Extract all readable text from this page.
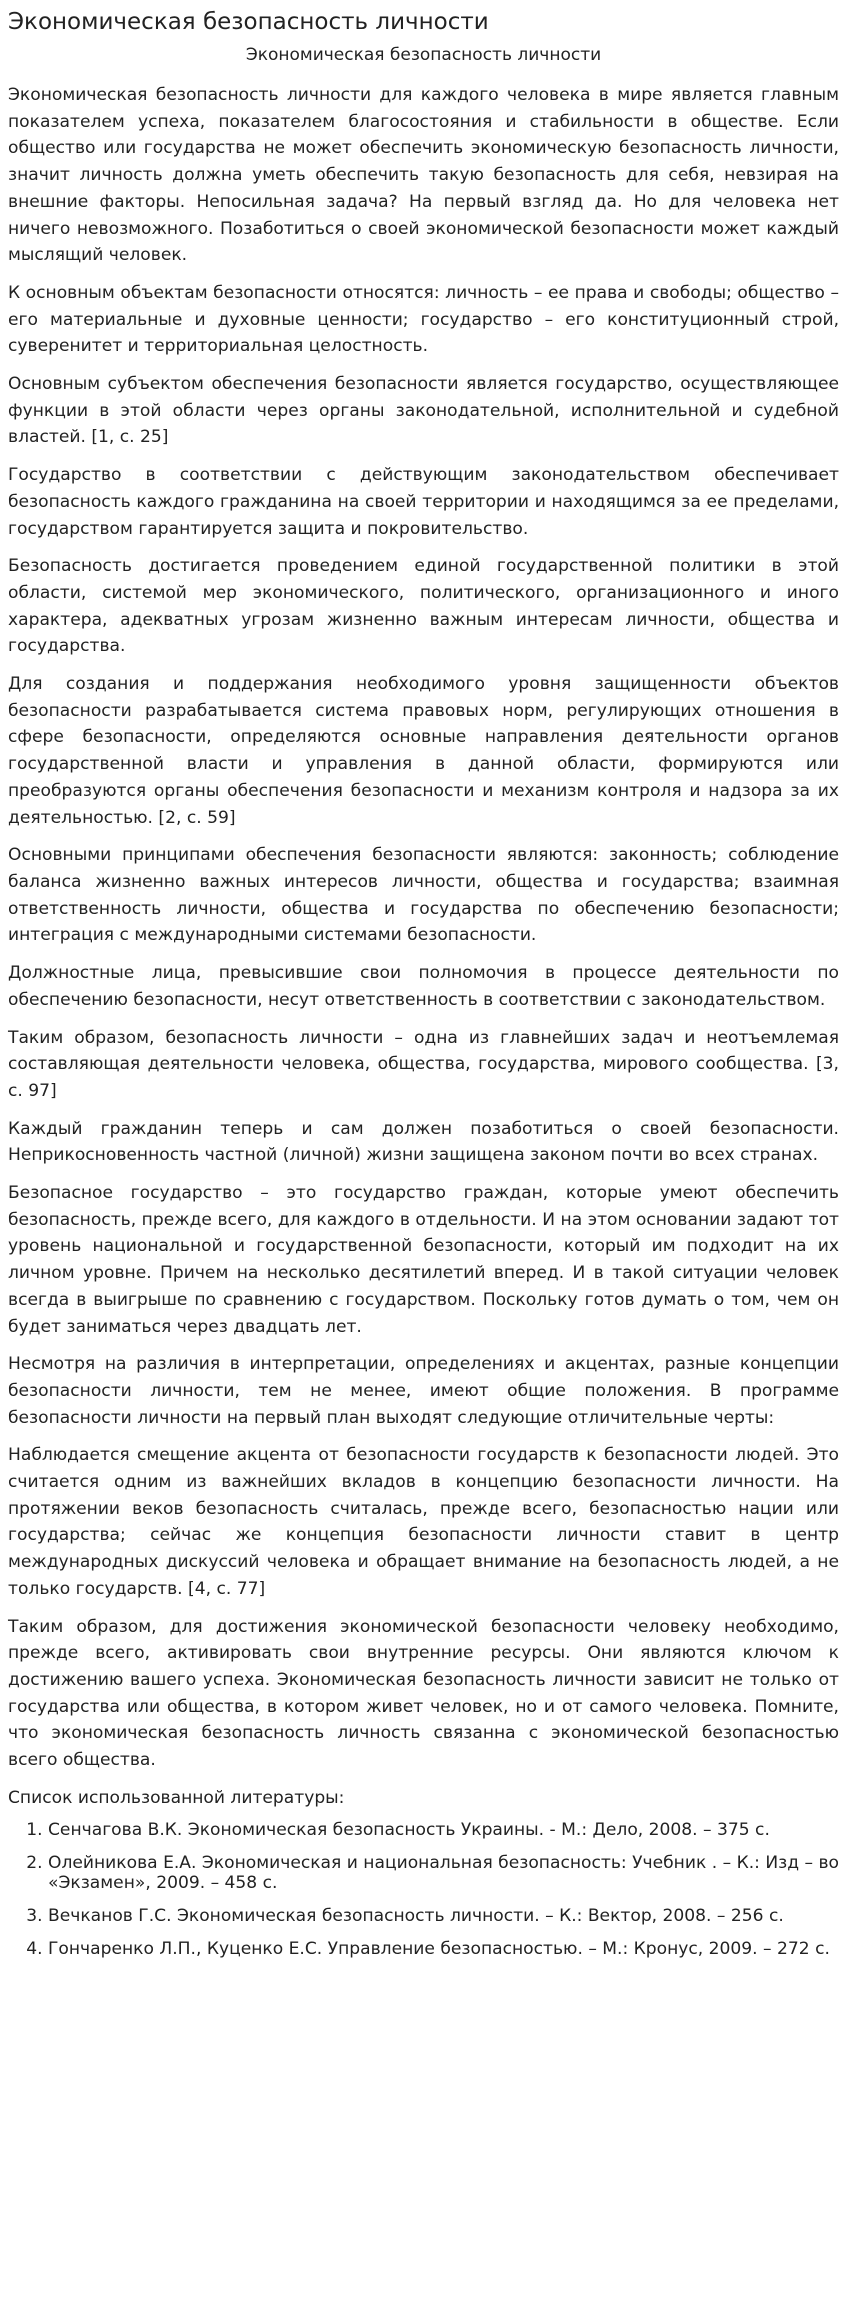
Экономическая безопасность личности
Экономическая безопасность личности

Экономическая безопасность личности для каждого человека в мире является главным показателем успеха, показателем благосостояния и стабильности в обществе. Если общество или государства не может обеспечить экономическую безопасность личности, значит личность должна уметь обеспечить такую безопасность для себя, невзирая на внешние факторы. Непосильная задача? На первый взгляд да. Но для человека нет ничего невозможного. Позаботиться о своей экономической безопасности может каждый мыслящий человек.

К основным объектам безопасности относятся: личность – ее права и свободы; общество – его материальные и духовные ценности; государство – его конституционный строй, суверенитет и территориальная целостность.

Основным субъектом обеспечения безопасности является государство, осуществляющее функции в этой области через органы законодательной, исполнительной и судебной властей. [1, с. 25]

Государство в соответствии с действующим законодательством обеспечивает безопасность каждого гражданина на своей территории и находящимся за ее пределами, государством гарантируется защита и покровительство.

Безопасность достигается проведением единой государственной политики в этой области, системой мер экономического, политического, организационного и иного характера, адекватных угрозам жизненно важным интересам личности, общества и государства.

Для создания и поддержания необходимого уровня защищенности объектов безопасности разрабатывается система правовых норм, регулирующих отношения в сфере безопасности, определяются основные направления деятельности органов государственной власти и управления в данной области, формируются или преобразуются органы обеспечения безопасности и механизм контроля и надзора за их деятельностью. [2, с. 59]

Основными принципами обеспечения безопасности являются: законность; соблюдение баланса жизненно важных интересов личности, общества и государства; взаимная ответственность личности, общества и государства по обеспечению безопасности; интеграция с международными системами безопасности.

Должностные лица, превысившие свои полномочия в процессе деятельности по обеспечению безопасности, несут ответственность в соответствии с законодательством.

Таким образом, безопасность личности – одна из главнейших задач и неотъемлемая составляющая деятельности человека, общества, государства, мирового сообщества. [3, с. 97]

Каждый гражданин теперь и сам должен позаботиться о своей безопасности. Неприкосновенность частной (личной) жизни защищена законом почти во всех странах.

Безопасное государство – это государство граждан, которые умеют обеспечить безопасность, прежде всего, для каждого в отдельности. И на этом основании задают тот уровень национальной и государственной безопасности, который им подходит на их личном уровне. Причем на несколько десятилетий вперед. И в такой ситуации человек всегда в выигрыше по сравнению с государством. Поскольку готов думать о том, чем он будет заниматься через двадцать лет.

Несмотря на различия в интерпретации, определениях и акцентах, разные концепции безопасности личности, тем не менее, имеют общие положения. В программе безопасности личности на первый план выходят следующие отличительные черты:

Наблюдается смещение акцента от безопасности государств к безопасности людей. Это считается одним из важнейших вкладов в концепцию безопасности личности. На протяжении веков безопасность считалась, прежде всего, безопасностью нации или государства; сейчас же концепция безопасности личности ставит в центр международных дискуссий человека и обращает внимание на безопасность людей, а не только государств. [4, с. 77]

Таким образом, для достижения экономической безопасности человеку необходимо, прежде всего, активировать свои внутренние ресурсы. Они являются ключом к достижению вашего успеха. Экономическая безопасность личности зависит не только от государства или общества, в котором живет человек, но и от самого человека. Помните, что экономическая безопасность личность связанна с экономической безопасностью всего общества.

Список использованной литературы:
1. Сенчагова В.К. Экономическая безопасность Украины. - М.: Дело, 2008. – 375 с.
2. Олейникова Е.А. Экономическая и национальная безопасность: Учебник . – К.: Изд – во «Экзамен», 2009. – 458 с.
3. Вечканов Г.С. Экономическая безопасность личности. – К.: Вектор, 2008. – 256 с.
4. Гончаренко Л.П., Куценко Е.С. Управление безопасностью. – М.: Кронус, 2009. – 272 с.
